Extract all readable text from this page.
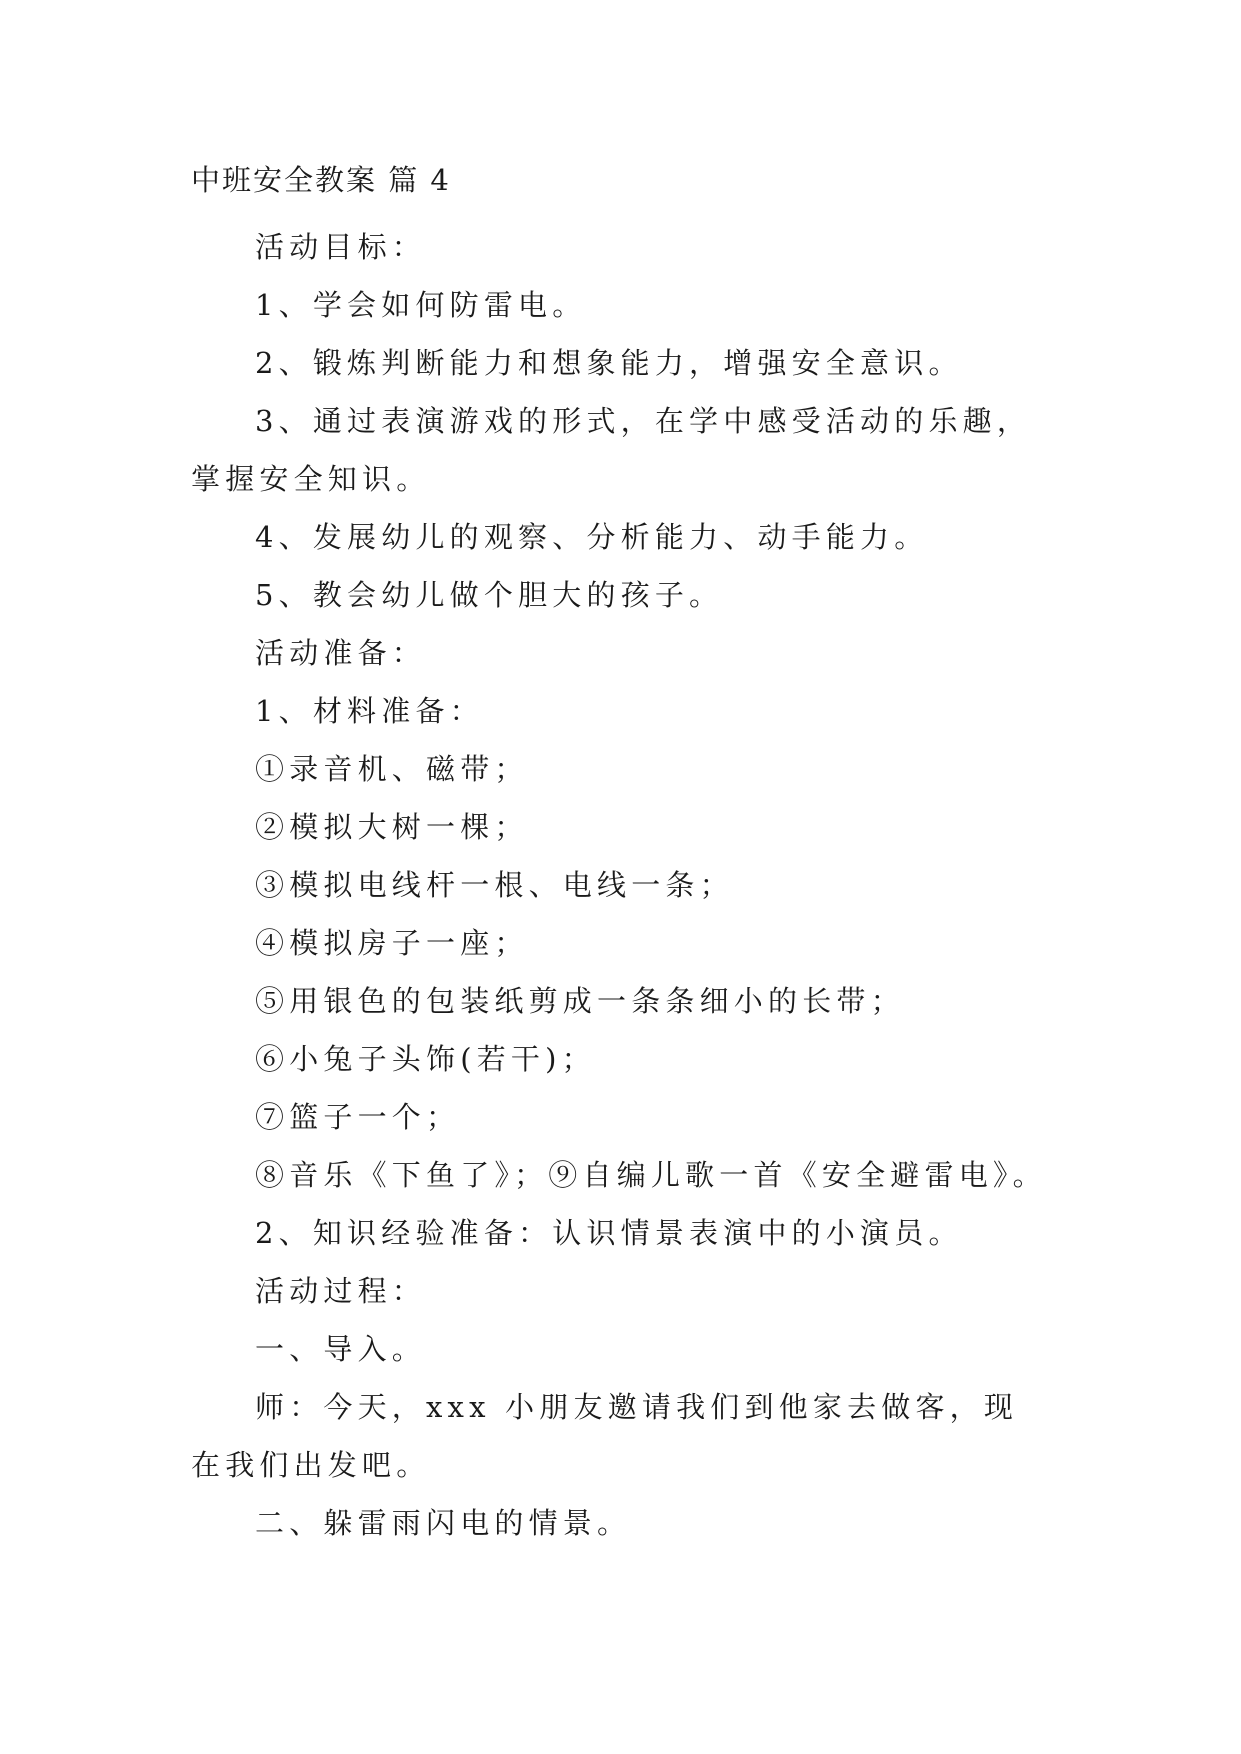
中班安全教案 篇 4

活动目标：

1、学会如何防雷电。

2、锻炼判断能力和想象能力，增强安全意识。

3、通过表演游戏的形式，在学中感受活动的乐趣，掌握安全知识。

4、发展幼儿的观察、分析能力、动手能力。

5、教会幼儿做个胆大的孩子。

活动准备：

1、材料准备：

①录音机、磁带；

②模拟大树一棵；

③模拟电线杆一根、电线一条；

④模拟房子一座；

⑤用银色的包装纸剪成一条条细小的长带；

⑥小兔子头饰(若干)；

⑦篮子一个；

⑧音乐《下鱼了》；⑨自编儿歌一首《安全避雷电》。

2、知识经验准备：认识情景表演中的小演员。

活动过程：

一、导入。

师：今天，xxx 小朋友邀请我们到他家去做客，现在我们出发吧。

二、躲雷雨闪电的情景。
